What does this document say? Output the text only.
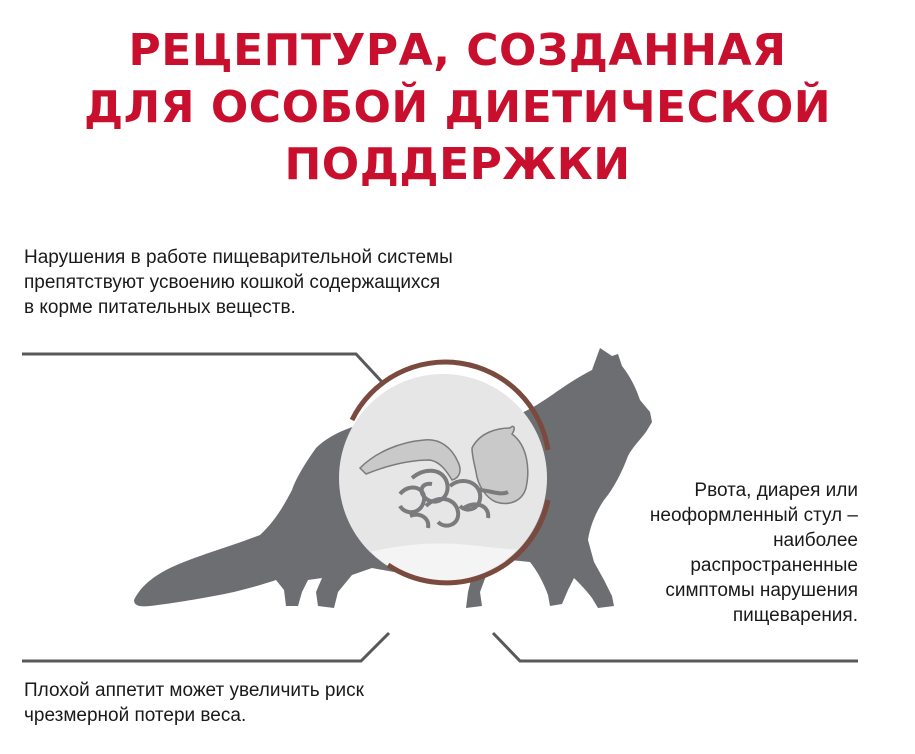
РЕЦЕПТУРА, СОЗДАННАЯ
ДЛЯ ОСОБОЙ ДИЕТИЧЕСКОЙ
ПОДДЕРЖКИ

Нарушения в работе пищеварительной системы препятствуют усвоению кошкой содержащихся в корме питательных веществ.

Рвота, диарея или неоформленный стул – наиболее распространенные симптомы нарушения пищеварения.

Плохой аппетит может увеличить риск чрезмерной потери веса.
